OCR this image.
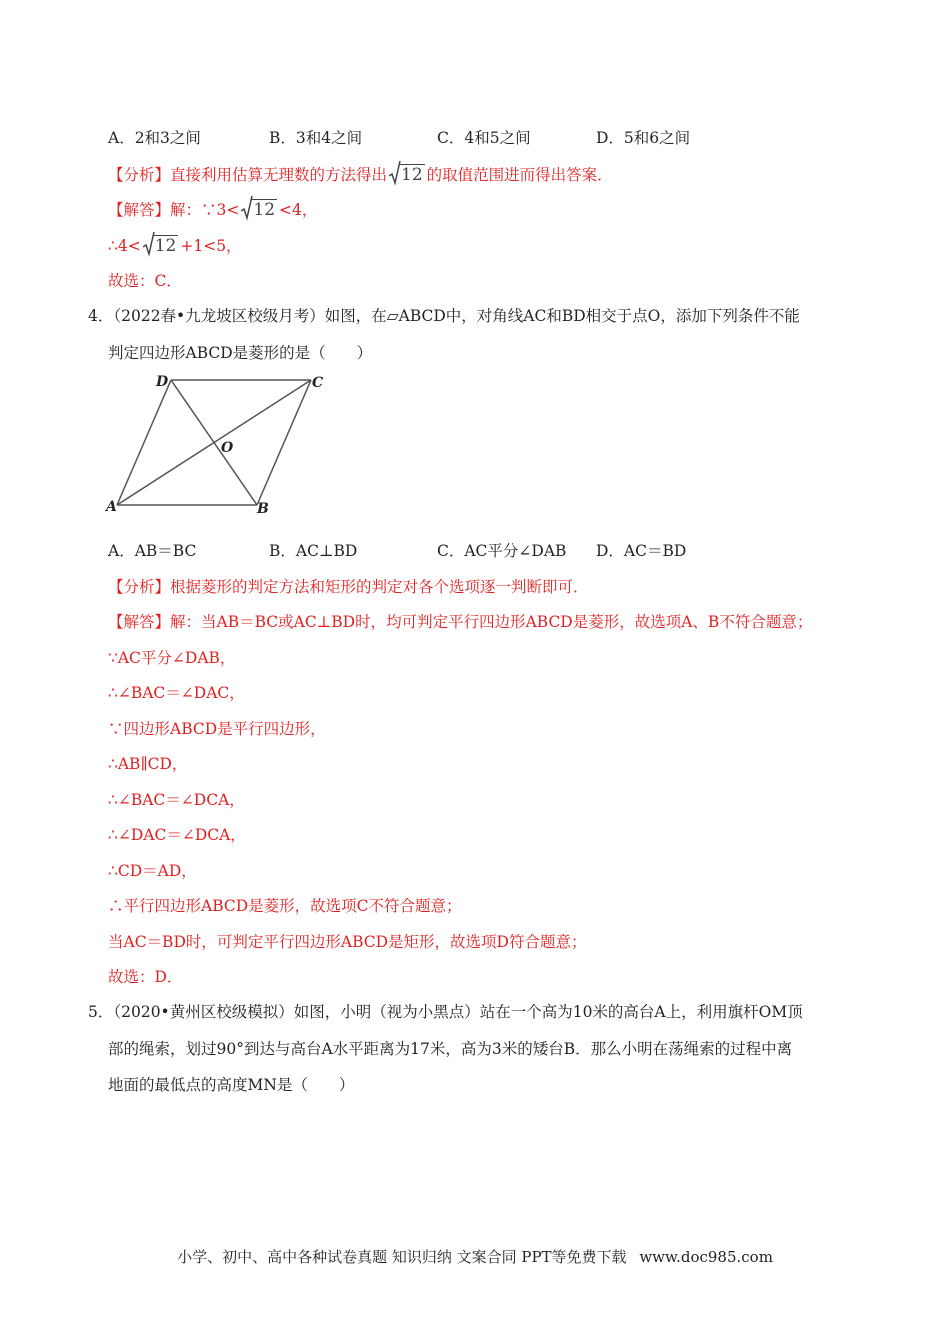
A．2和3之间	B．3和4之间	C．4和5之间	D．5和6之间
【分析】直接利用估算无理数的方法得出 12 的取值范围进而得出答案．
【解答】解：∵3< 12 <4，
∴4< 12 +1<5，
故选：C．
4．（2022春•九龙坡区校级月考）如图，在▱ABCD中，对角线AC和BD相交于点O，添加下列条件不能
判定四边形ABCD是菱形的是（　　）
A	B
C
D
O
A．AB＝BC	B．AC⊥BD	C．AC平分∠DAB D．AC＝BD
【分析】根据菱形的判定方法和矩形的判定对各个选项逐一判断即可．
【解答】解：当AB＝BC或AC⊥BD时，均可判定平行四边形ABCD是菱形，故选项A、B不符合题意；
∵AC平分∠DAB，
∴∠BAC＝∠DAC，
∵四边形ABCD是平行四边形，
∴AB∥CD，
∴∠BAC＝∠DCA，
∴∠DAC＝∠DCA，
∴CD＝AD，
∴平行四边形ABCD是菱形，故选项C不符合题意；
当AC＝BD时，可判定平行四边形ABCD是矩形，故选项D符合题意；
故选：D．
5．（2020•黄州区校级模拟）如图，小明（视为小黑点）站在一个高为10米的高台A上，利用旗杆OM顶
部的绳索，划过90°到达与高台A水平距离为17米，高为3米的矮台B．那么小明在荡绳索的过程中离
地面的最低点的高度MN是（　　）
小学、初中、高中各种试卷真题 知识归纳 文案合同 PPT等免费下载 www.doc985.com
